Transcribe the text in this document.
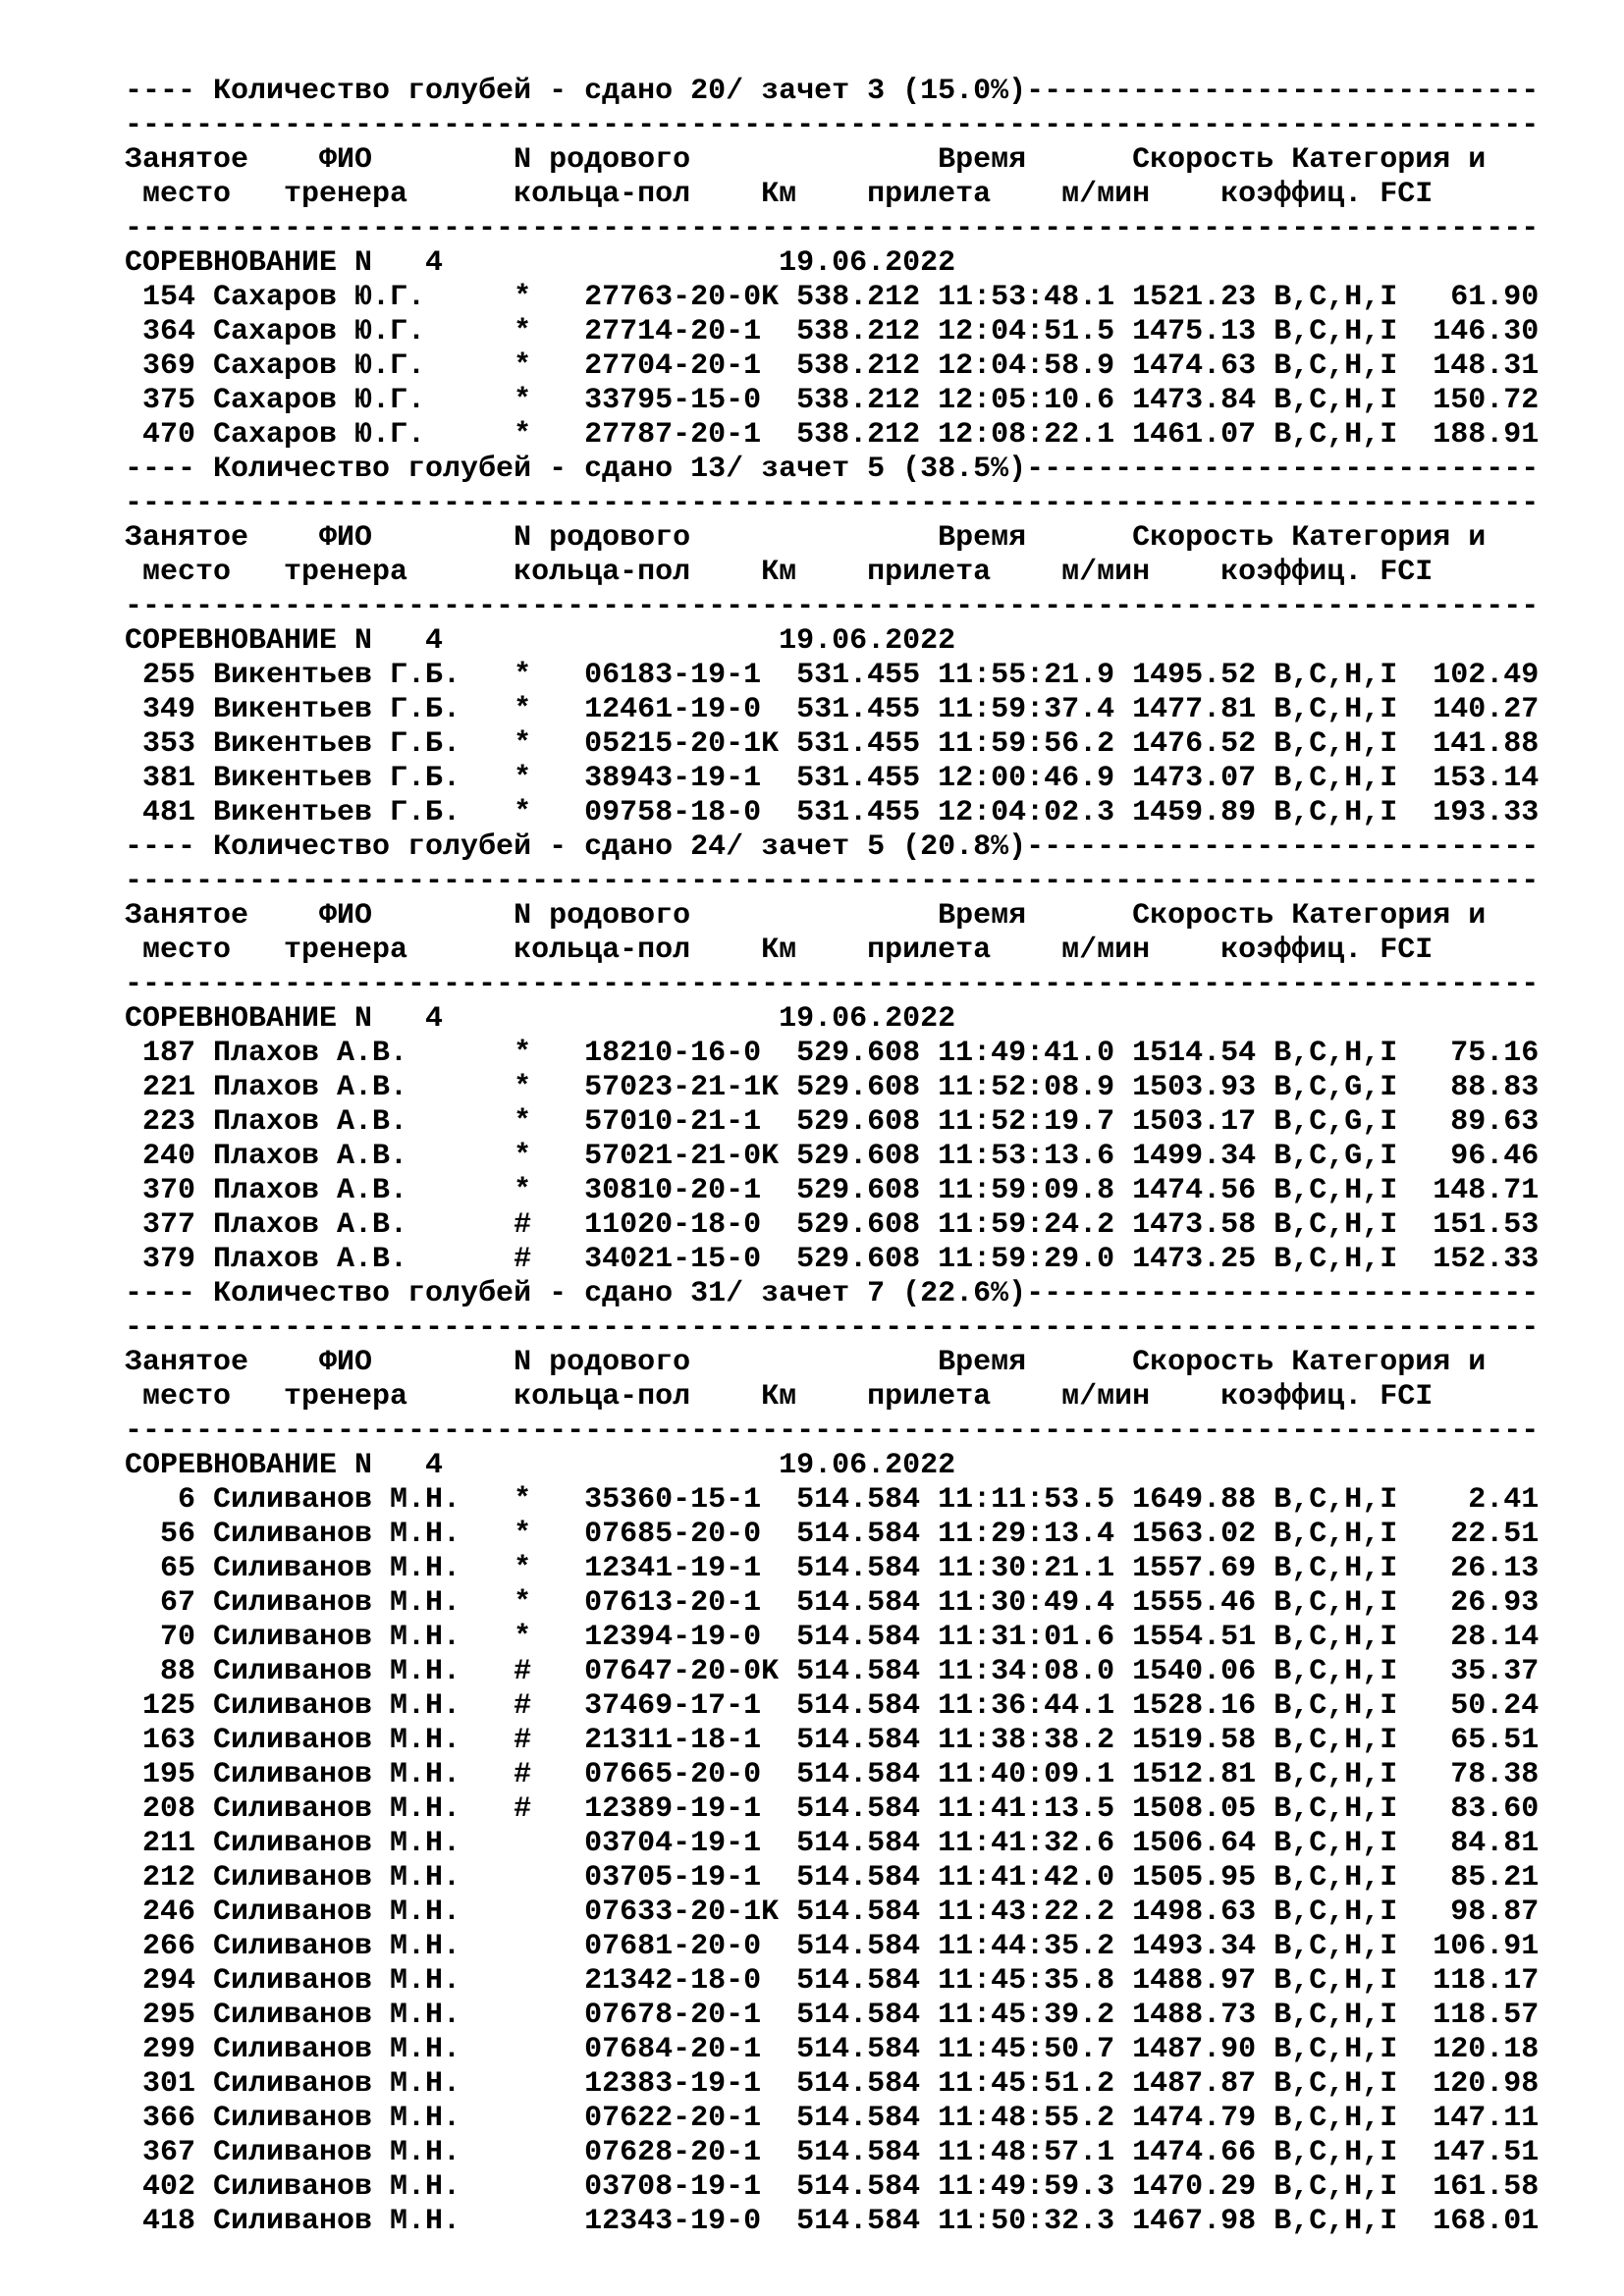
---- Количество голубей - сдано 20/ зачет 3 (15.0%)-----------------------------
--------------------------------------------------------------------------------
Занятое    ФИО        N родового              Время      Скорость Категория и
место   тренера      кольца-пол    Км    прилета    м/мин    коэффиц. FCI
--------------------------------------------------------------------------------
СОРЕВНОВАНИЕ N   4                   19.06.2022
154 Сахаров Ю.Г.     *   27763-20-0K 538.212 11:53:48.1 1521.23 B,C,H,I   61.90
364 Сахаров Ю.Г.     *   27714-20-1  538.212 12:04:51.5 1475.13 B,C,H,I  146.30
369 Сахаров Ю.Г.     *   27704-20-1  538.212 12:04:58.9 1474.63 B,C,H,I  148.31
375 Сахаров Ю.Г.     *   33795-15-0  538.212 12:05:10.6 1473.84 B,C,H,I  150.72
470 Сахаров Ю.Г.     *   27787-20-1  538.212 12:08:22.1 1461.07 B,C,H,I  188.91
---- Количество голубей - сдано 13/ зачет 5 (38.5%)-----------------------------
--------------------------------------------------------------------------------
Занятое    ФИО        N родового              Время      Скорость Категория и
место   тренера      кольца-пол    Км    прилета    м/мин    коэффиц. FCI
--------------------------------------------------------------------------------
СОРЕВНОВАНИЕ N   4                   19.06.2022
255 Викентьев Г.Б.   *   06183-19-1  531.455 11:55:21.9 1495.52 B,C,H,I  102.49
349 Викентьев Г.Б.   *   12461-19-0  531.455 11:59:37.4 1477.81 B,C,H,I  140.27
353 Викентьев Г.Б.   *   05215-20-1K 531.455 11:59:56.2 1476.52 B,C,H,I  141.88
381 Викентьев Г.Б.   *   38943-19-1  531.455 12:00:46.9 1473.07 B,C,H,I  153.14
481 Викентьев Г.Б.   *   09758-18-0  531.455 12:04:02.3 1459.89 B,C,H,I  193.33
---- Количество голубей - сдано 24/ зачет 5 (20.8%)-----------------------------
--------------------------------------------------------------------------------
Занятое    ФИО        N родового              Время      Скорость Категория и
место   тренера      кольца-пол    Км    прилета    м/мин    коэффиц. FCI
--------------------------------------------------------------------------------
СОРЕВНОВАНИЕ N   4                   19.06.2022
187 Плахов А.В.      *   18210-16-0  529.608 11:49:41.0 1514.54 B,C,H,I   75.16
221 Плахов А.В.      *   57023-21-1K 529.608 11:52:08.9 1503.93 B,C,G,I   88.83
223 Плахов А.В.      *   57010-21-1  529.608 11:52:19.7 1503.17 B,C,G,I   89.63
240 Плахов А.В.      *   57021-21-0K 529.608 11:53:13.6 1499.34 B,C,G,I   96.46
370 Плахов А.В.      *   30810-20-1  529.608 11:59:09.8 1474.56 B,C,H,I  148.71
377 Плахов А.В.      #   11020-18-0  529.608 11:59:24.2 1473.58 B,C,H,I  151.53
379 Плахов А.В.      #   34021-15-0  529.608 11:59:29.0 1473.25 B,C,H,I  152.33
---- Количество голубей - сдано 31/ зачет 7 (22.6%)-----------------------------
--------------------------------------------------------------------------------
Занятое    ФИО        N родового              Время      Скорость Категория и
место   тренера      кольца-пол    Км    прилета    м/мин    коэффиц. FCI
--------------------------------------------------------------------------------
СОРЕВНОВАНИЕ N   4                   19.06.2022
6 Силиванов М.Н.   *   35360-15-1  514.584 11:11:53.5 1649.88 B,C,H,I    2.41
56 Силиванов М.Н.   *   07685-20-0  514.584 11:29:13.4 1563.02 B,C,H,I   22.51
65 Силиванов М.Н.   *   12341-19-1  514.584 11:30:21.1 1557.69 B,C,H,I   26.13
67 Силиванов М.Н.   *   07613-20-1  514.584 11:30:49.4 1555.46 B,C,H,I   26.93
70 Силиванов М.Н.   *   12394-19-0  514.584 11:31:01.6 1554.51 B,C,H,I   28.14
88 Силиванов М.Н.   #   07647-20-0K 514.584 11:34:08.0 1540.06 B,C,H,I   35.37
125 Силиванов М.Н.   #   37469-17-1  514.584 11:36:44.1 1528.16 B,C,H,I   50.24
163 Силиванов М.Н.   #   21311-18-1  514.584 11:38:38.2 1519.58 B,C,H,I   65.51
195 Силиванов М.Н.   #   07665-20-0  514.584 11:40:09.1 1512.81 B,C,H,I   78.38
208 Силиванов М.Н.   #   12389-19-1  514.584 11:41:13.5 1508.05 B,C,H,I   83.60
211 Силиванов М.Н.       03704-19-1  514.584 11:41:32.6 1506.64 B,C,H,I   84.81
212 Силиванов М.Н.       03705-19-1  514.584 11:41:42.0 1505.95 B,C,H,I   85.21
246 Силиванов М.Н.       07633-20-1K 514.584 11:43:22.2 1498.63 B,C,H,I   98.87
266 Силиванов М.Н.       07681-20-0  514.584 11:44:35.2 1493.34 B,C,H,I  106.91
294 Силиванов М.Н.       21342-18-0  514.584 11:45:35.8 1488.97 B,C,H,I  118.17
295 Силиванов М.Н.       07678-20-1  514.584 11:45:39.2 1488.73 B,C,H,I  118.57
299 Силиванов М.Н.       07684-20-1  514.584 11:45:50.7 1487.90 B,C,H,I  120.18
301 Силиванов М.Н.       12383-19-1  514.584 11:45:51.2 1487.87 B,C,H,I  120.98
366 Силиванов М.Н.       07622-20-1  514.584 11:48:55.2 1474.79 B,C,H,I  147.11
367 Силиванов М.Н.       07628-20-1  514.584 11:48:57.1 1474.66 B,C,H,I  147.51
402 Силиванов М.Н.       03708-19-1  514.584 11:49:59.3 1470.29 B,C,H,I  161.58
418 Силиванов М.Н.       12343-19-0  514.584 11:50:32.3 1467.98 B,C,H,I  168.01
